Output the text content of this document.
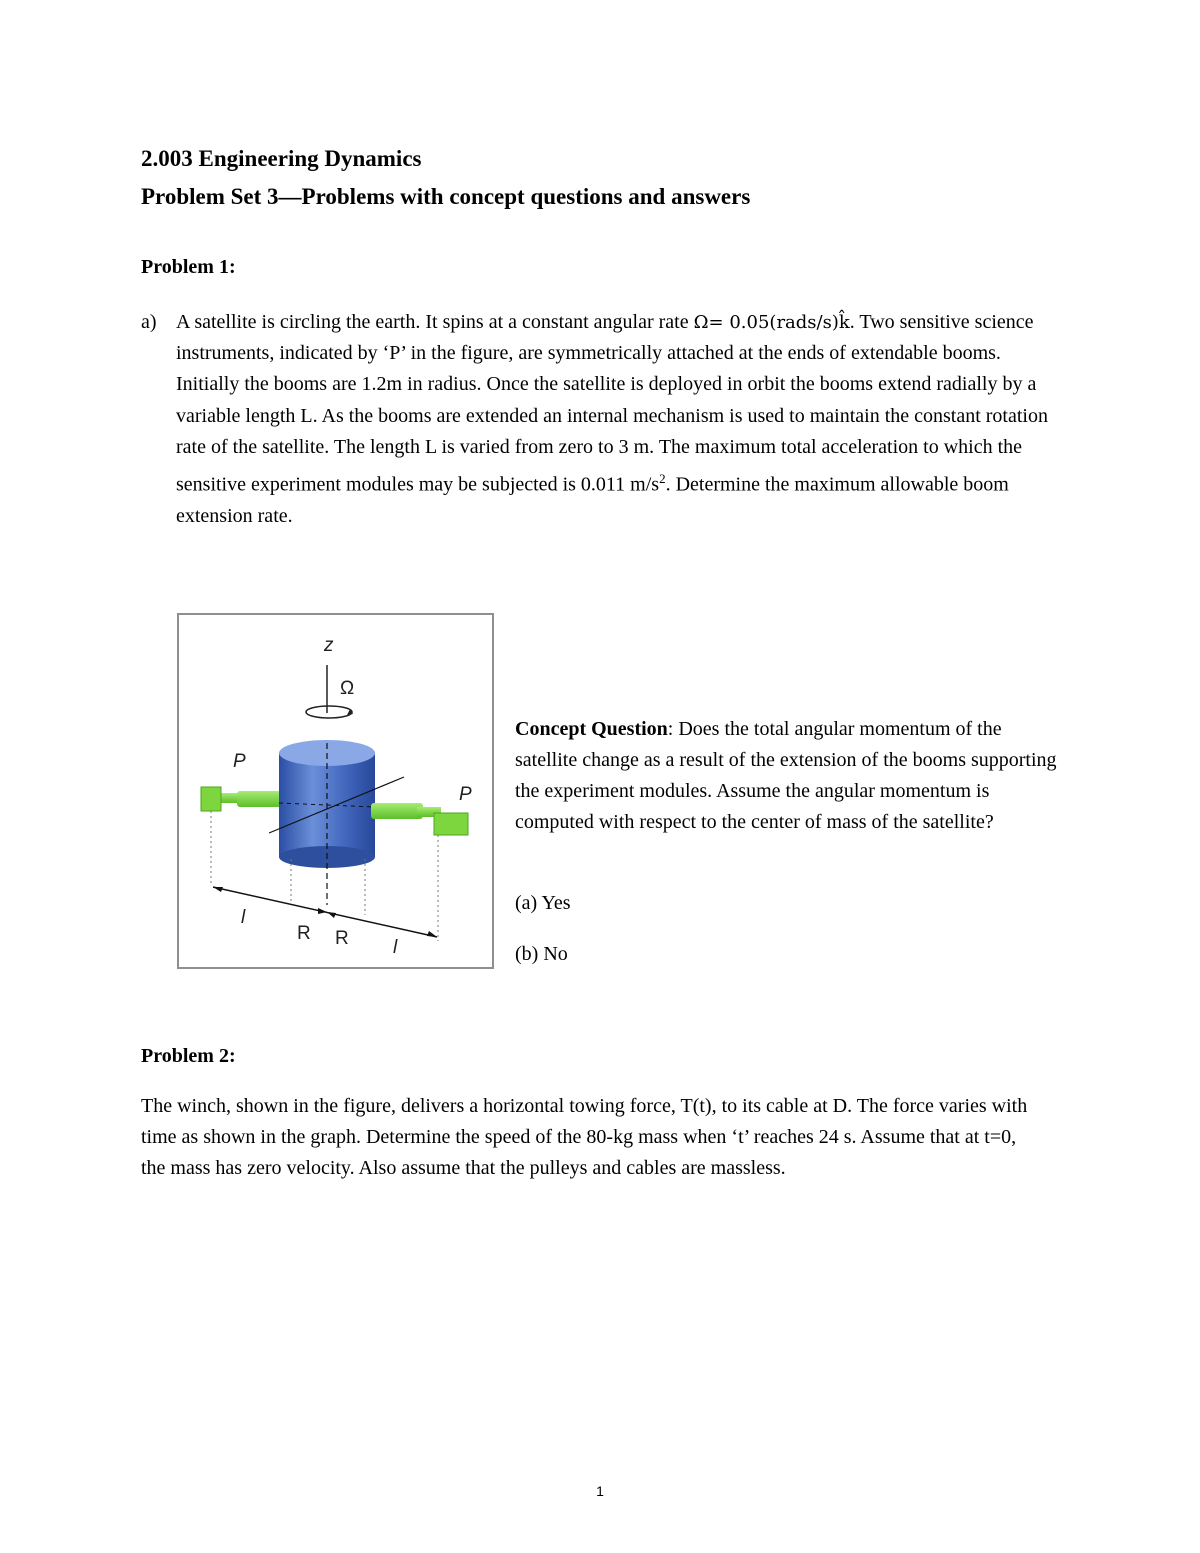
2.003 Engineering Dynamics
Problem Set 3—Problems with concept questions and answers
Problem 1:
a) A satellite is circling the earth. It spins at a constant angular rate Ω= 0.05(rads/s)k̂. Two sensitive science instruments, indicated by ‘P’ in the figure, are symmetrically attached at the ends of extendable booms. Initially the booms are 1.2m in radius. Once the satellite is deployed in orbit the booms extend radially by a variable length L. As the booms are extended an internal mechanism is used to maintain the constant rotation rate of the satellite. The length L is varied from zero to 3 m. The maximum total acceleration to which the sensitive experiment modules may be subjected is 0.011 $m/s^2$. Determine the maximum allowable boom extension rate.
z
Ω
P
P
l
R R l
Concept Question: Does the total angular momentum of the satellite change as a result of the extension of the booms supporting the experiment modules. Assume the angular momentum is computed with respect to the center of mass of the satellite?
(a) Yes
(b) No
Problem 2:
The winch, shown in the figure, delivers a horizontal towing force, T(t), to its cable at D. The force varies with time as shown in the graph. Determine the speed of the 80-kg mass when ‘t’ reaches 24 s. Assume that at t=0, the mass has zero velocity. Also assume that the pulleys and cables are massless.
1
